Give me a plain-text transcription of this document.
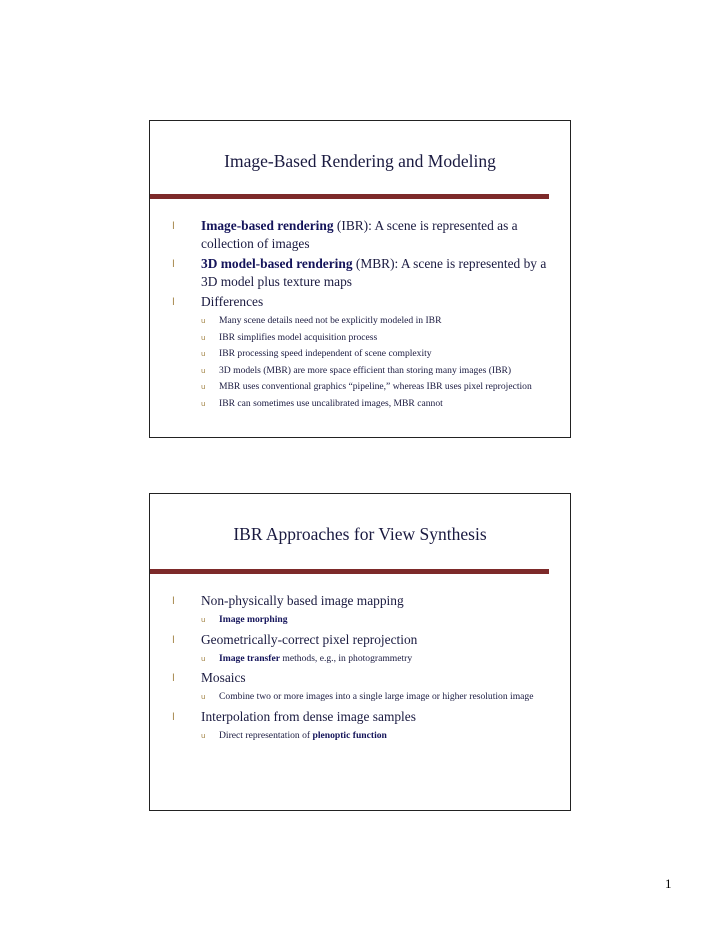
Image-Based Rendering and Modeling
l Image-based rendering (IBR): A scene is represented as a collection of images
l 3D model-based rendering (MBR): A scene is represented by a 3D model plus texture maps
l Differences
u Many scene details need not be explicitly modeled in IBR
u IBR simplifies model acquisition process
u IBR processing speed independent of scene complexity
u 3D models (MBR) are more space efficient than storing many images (IBR)
u MBR uses conventional graphics “pipeline,” whereas IBR uses pixel reprojection
u IBR can sometimes use uncalibrated images, MBR cannot
IBR Approaches for View Synthesis
l Non-physically based image mapping
u Image morphing
l Geometrically-correct pixel reprojection
u Image transfer methods, e.g., in photogrammetry
l Mosaics
u Combine two or more images into a single large image or higher resolution image
l Interpolation from dense image samples
u Direct representation of plenoptic function
1
